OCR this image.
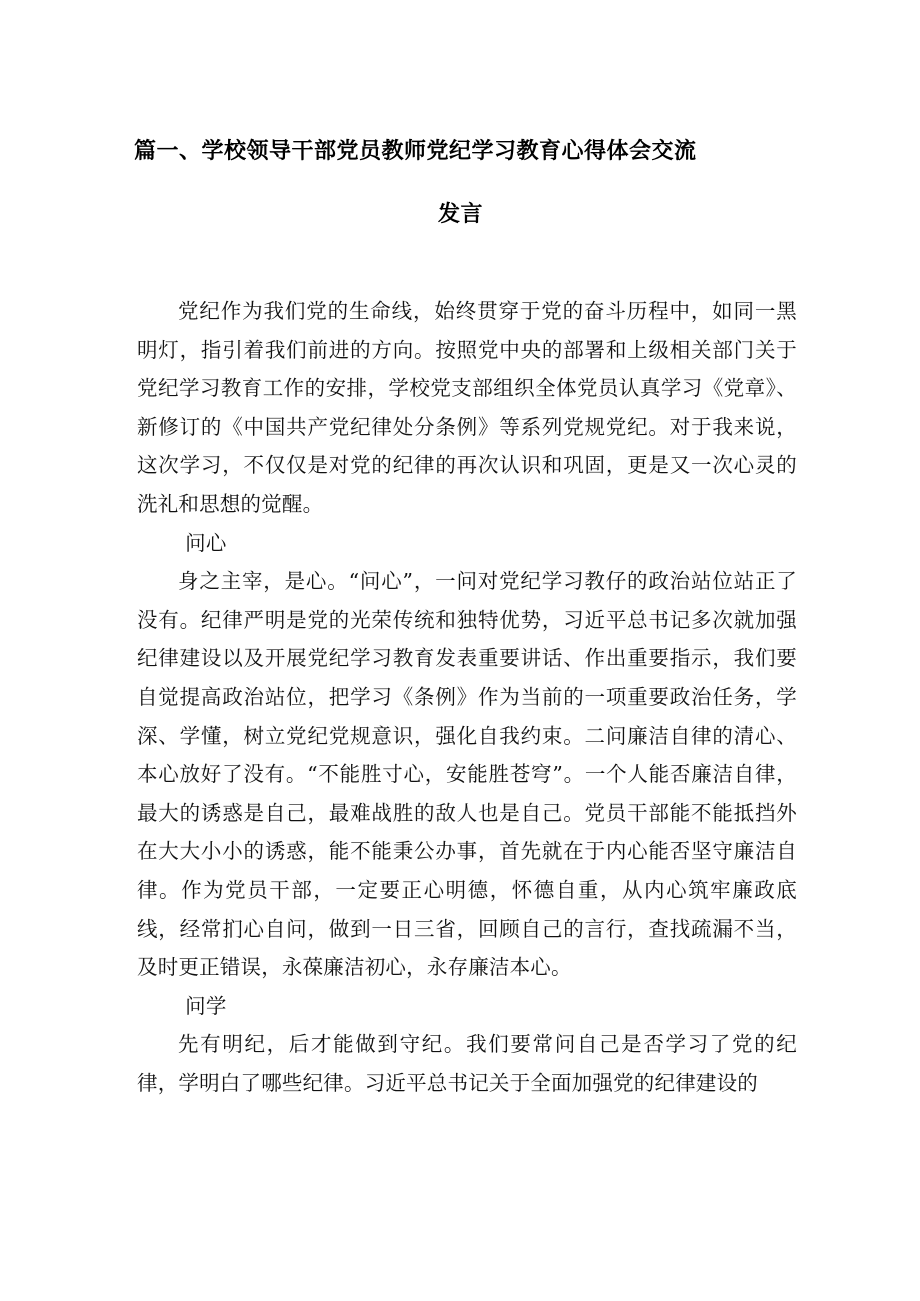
篇一、学校领导干部党员教师党纪学习教育心得体会交流
发言

党纪作为我们党的生命线，始终贯穿于党的奋斗历程中，如同一黑明灯，指引着我们前进的方向。按照党中央的部署和上级相关部门关于党纪学习教育工作的安排，学校党支部组织全体党员认真学习《党章》、新修订的《中国共产党纪律处分条例》等系列党规党纪。对于我来说，这次学习，不仅仅是对党的纪律的再次认识和巩固，更是又一次心灵的洗礼和思想的觉醒。

问心

身之主宰，是心。“问心”，一问对党纪学习教仔的政治站位站正了没有。纪律严明是党的光荣传统和独特优势，习近平总书记多次就加强纪律建设以及开展党纪学习教育发表重要讲话、作出重要指示，我们要自觉提高政治站位，把学习《条例》作为当前的一项重要政治任务，学深、学懂，树立党纪党规意识，强化自我约束。二问廉洁自律的清心、本心放好了没有。“不能胜寸心，安能胜苍穹”。一个人能否廉洁自律，最大的诱惑是自己，最难战胜的敌人也是自己。党员干部能不能抵挡外在大大小小的诱惑，能不能秉公办事，首先就在于内心能否坚守廉洁自律。作为党员干部，一定要正心明德，怀德自重，从内心筑牢廉政底线，经常扪心自问，做到一日三省，回顾自己的言行，查找疏漏不当，及时更正错误，永葆廉洁初心，永存廉洁本心。

问学

先有明纪，后才能做到守纪。我们要常问自己是否学习了党的纪律，学明白了哪些纪律。习近平总书记关于全面加强党的纪律建设的
